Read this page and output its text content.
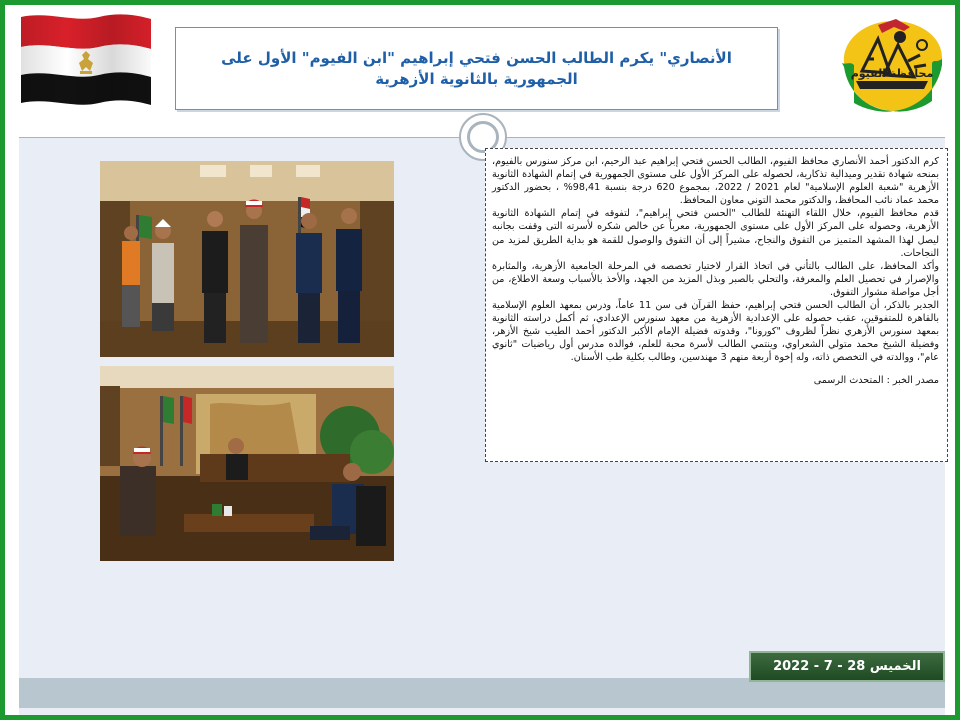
الأنصاري" يكرم الطالب الحسن فتحي إبراهيم "ابن الفيوم" الأول على الجمهورية بالثانوية الأزهرية	محافظة الفيوم

كرم الدكتور أحمد الأنصاري محافظ الفيوم، الطالب الحسن فتحي إبراهيم عبد الرحيم، ابن مركز سنورس بالفيوم، بمنحه شهادة تقدير وميدالية تذكارية، لحصوله على المركز الأول على مستوى الجمهورية في إتمام الشهادة الثانوية الأزهرية "شعبة العلوم الإسلامية" لعام 2021 / 2022، بمجموع 620 درجة بنسبة 98,41% ، بحضور الدكتور محمد عماد نائب المحافظ، والدكتور محمد التوني معاون المحافظ.

قدم محافظ الفيوم، خلال اللقاء التهنئة للطالب "الحسن فتحي إبراهيم"، لتفوقه في إتمام الشهادة الثانوية الأزهرية، وحصوله على المركز الأول على مستوى الجمهورية، معرباً عن خالص شكره لأسرته التى وقفت بجانبه ليصل لهذا المشهد المتميز من التفوق والنجاح، مشيراً إلى أن التفوق والوصول للقمة هو بداية الطريق لمزيد من النجاحات.

وأكد المحافظ، على الطالب بالتأني في اتخاذ القرار لاختيار تخصصه في المرحلة الجامعية الأزهرية، والمثابرة والإصرار في تحصيل العلم والمعرفة، والتحلي بالصبر وبذل المزيد من الجهد، والأخذ بالأسباب وسعة الاطلاع، من أجل مواصلة مشوار التفوق.

الجدير بالذكر، أن الطالب الحسن فتحي إبراهيم، حفظ القرآن فى سن 11 عاماً، ودرس بمعهد العلوم الإسلامية بالقاهرة للمتفوقين، عقب حصوله على الإعدادية الأزهرية من معهد سنورس الإعدادي، ثم أكمل دراسته الثانوية بمعهد سنورس الأزهري نظراً لظروف "كورونا"، وقدوته فضيلة الإمام الأكبر الدكتور أحمد الطيب شيخ الأزهر، وفضيلة الشيخ محمد متولي الشعراوي، وينتمي الطالب لأسرة محبة للعلم، فوالده مدرس أول رياضيات "ثانوي عام"، ووالدته في التخصص ذاته، وله إخوة أربعة منهم 3 مهندسين، وطالب بكلية طب الأسنان.

مصدر الخبر : المتحدث الرسمى

الخميس 28 - 7 - 2022
